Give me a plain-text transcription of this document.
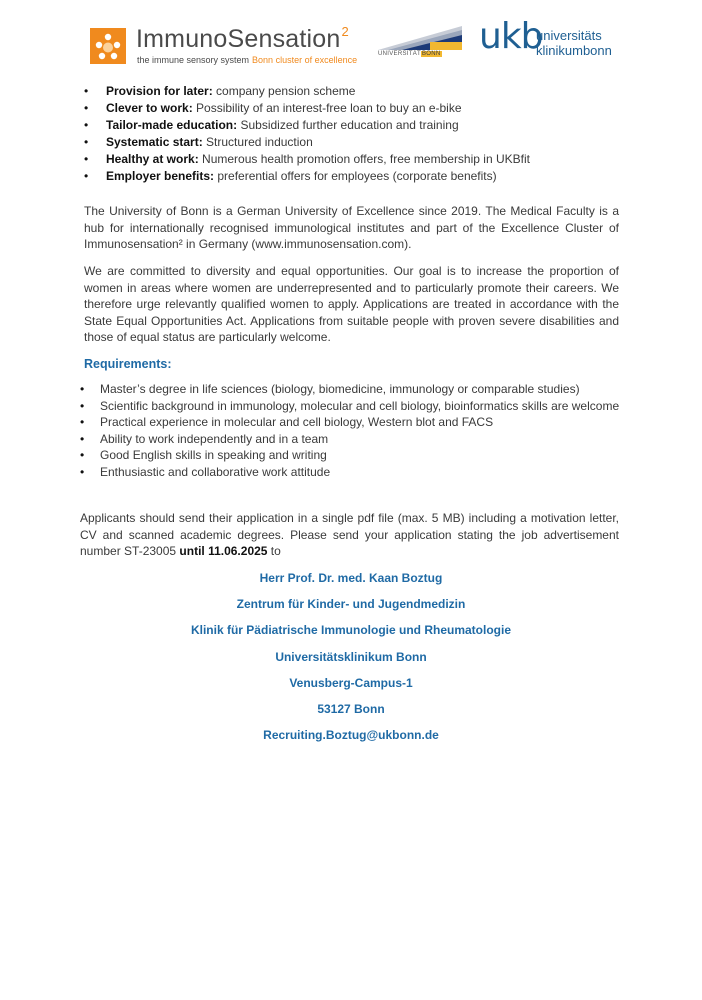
ImmunoSensation$^2$
the immune sensory system Bonn cluster of excellence
UNIVERSITÄTBONN ukb
universitäts
klinikumbonn
• Provision for later: company pension scheme
• Clever to work: Possibility of an interest-free loan to buy an e-bike
• Tailor-made education: Subsidized further education and training
• Systematic start: Structured induction
• Healthy at work: Numerous health promotion offers, free membership in UKBfit
• Employer benefits: preferential offers for employees (corporate benefits)

The University of Bonn is a German University of Excellence since 2019. The Medical Faculty is a hub for internationally recognised immunological institutes and part of the Excellence Cluster of Immunosensation² in Germany (www.immunosensation.com).

We are committed to diversity and equal opportunities. Our goal is to increase the proportion of women in areas where women are underrepresented and to particularly promote their careers. We therefore urge relevantly qualified women to apply. Applications are treated in accordance with the State Equal Opportunities Act. Applications from suitable people with proven severe disabilities and those of equal status are particularly welcome.

Requirements:
• Master’s degree in life sciences (biology, biomedicine, immunology or comparable studies)
• Scientific background in immunology, molecular and cell biology, bioinformatics skills are welcome
• Practical experience in molecular and cell biology, Western blot and FACS
• Ability to work independently and in a team
• Good English skills in speaking and writing
• Enthusiastic and collaborative work attitude

Applicants should send their application in a single pdf file (max. 5 MB) including a motivation letter, CV and scanned academic degrees. Please send your application stating the job advertisement number ST-23005 until 11.06.2025 to

Herr Prof. Dr. med. Kaan Boztug
Zentrum für Kinder- und Jugendmedizin
Klinik für Pädiatrische Immunologie und Rheumatologie
Universitätsklinikum Bonn
Venusberg-Campus-1
53127 Bonn
Recruiting.Boztug@ukbonn.de
